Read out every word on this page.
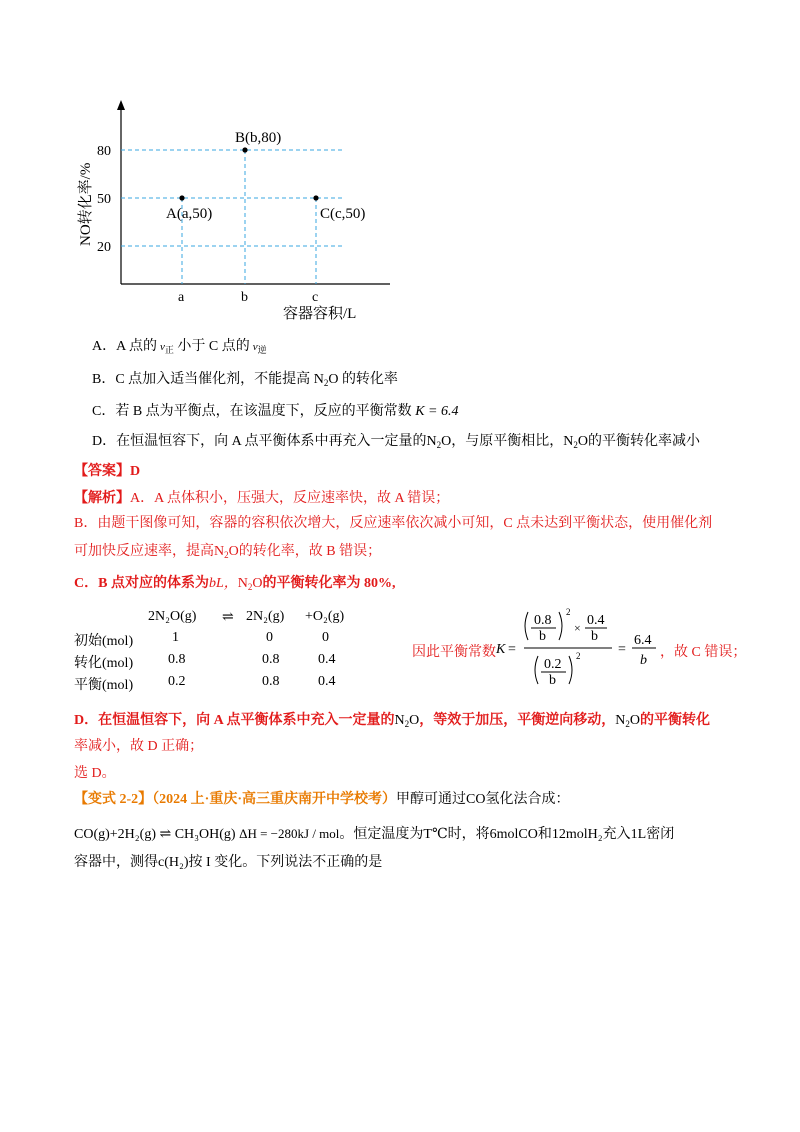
20
50
80
a	b	c
A(a,50)
B(b,80)
C(c,50)
容器容积/L
NO转化率/%
A．A 点的 $v_正$ 小于 C 点的 $v_逆$
B．C 点加入适当催化剂，不能提高 $N_2O$ 的转化率
C．若 B 点为平衡点，在该温度下，反应的平衡常数 K = 6.4
D．在恒温恒容下，向 A 点平衡体系中再充入一定量的$N_2O$，与原平衡相比，$N_2O$的平衡转化率减小
【答案】D
【解析】A．A 点体积小，压强大，反应速率快，故 A 错误；
B．由题干图像可知，容器的容积依次增大，反应速率依次减小可知，C 点未达到平衡状态，使用催化剂
可加快反应速率，提高$N_2O$的转化率，故 B 错误；
C．B 点对应的体系为bL，$N_2O$的平衡转化率为 80%,
2N₂O(g) ⇌ 2N₂(g) +O₂(g)
初始(mol)	1	0	0
转化(mol) 0.8	0.8	0.4
平衡(mol) 0.2	0.8	0.4
因此平衡常数 K =
0.8
b
2
× 0.4
b
0.2
b
2	=
6.4
b
，故 C 错误；
D．在恒温恒容下，向 A 点平衡体系中充入一定量的$N_2O$，等效于加压，平衡逆向移动，$N_2O$的平衡转化
率减小，故 D 正确；
选 D。
【变式 2-2】（2024 上·重庆·高三重庆南开中学校考）甲醇可通过CO氢化法合成：
CO(g)+2H₂(g) ⇌ CH₃OH(g) ΔH = −280kJ / mol。恒定温度为T℃时，将6molCO和12molH₂充入1L密闭
容器中，测得c(H₂)按 I 变化。下列说法不正确的是
